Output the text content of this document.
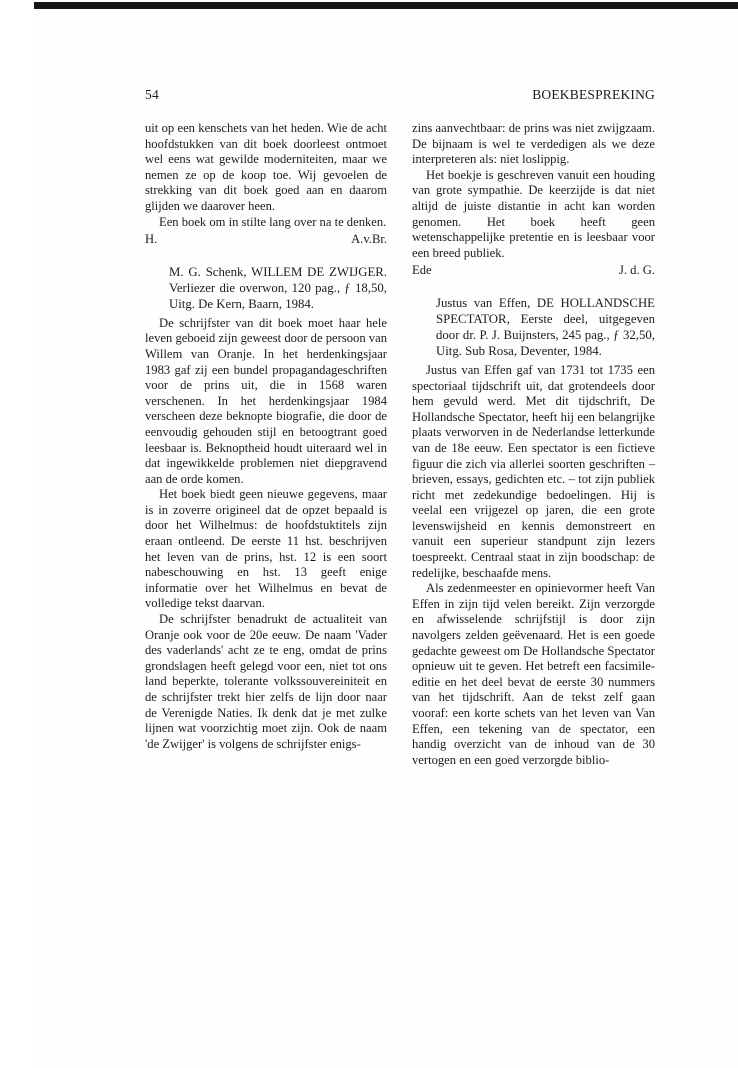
54	BOEKBESPREKING

uit op een kenschets van het heden. Wie de acht hoofdstukken van dit boek doorleest ontmoet wel eens wat gewilde moderniteiten, maar we nemen ze op de koop toe. Wij gevoelen de strekking van dit boek goed aan en daarom glijden we daarover heen.

Een boek om in stilte lang over na te denken.

H.	A.v.Br.

M. G. Schenk, WILLEM DE ZWIJGER. Verliezer die overwon, 120 pag., ƒ 18,50, Uitg. De Kern, Baarn, 1984.

De schrijfster van dit boek moet haar hele leven geboeid zijn geweest door de persoon van Willem van Oranje. In het herdenkingsjaar 1983 gaf zij een bundel propagandageschriften voor de prins uit, die in 1568 waren verschenen. In het herdenkingsjaar 1984 verscheen deze beknopte biografie, die door de eenvoudig gehouden stijl en betoogtrant goed leesbaar is. Beknoptheid houdt uiteraard wel in dat ingewikkelde problemen niet diepgravend aan de orde komen.

Het boek biedt geen nieuwe gegevens, maar is in zoverre origineel dat de opzet bepaald is door het Wilhelmus: de hoofdstuktitels zijn eraan ontleend. De eerste 11 hst. beschrijven het leven van de prins, hst. 12 is een soort nabeschouwing en hst. 13 geeft enige informatie over het Wilhelmus en bevat de volledige tekst daarvan.

De schrijfster benadrukt de actualiteit van Oranje ook voor de 20e eeuw. De naam 'Vader des vaderlands' acht ze te eng, omdat de prins grondslagen heeft gelegd voor een, niet tot ons land beperkte, tolerante volkssouvereiniteit en de schrijfster trekt hier zelfs de lijn door naar de Verenigde Naties. Ik denk dat je met zulke lijnen wat voorzichtig moet zijn. Ook de naam 'de Zwijger' is volgens de schrijfster enigs-

zins aanvechtbaar: de prins was niet zwijgzaam. De bijnaam is wel te verdedigen als we deze interpreteren als: niet loslippig.

Het boekje is geschreven vanuit een houding van grote sympathie. De keerzijde is dat niet altijd de juiste distantie in acht kan worden genomen. Het boek heeft geen wetenschappelijke pretentie en is leesbaar voor een breed publiek.

Ede	J. d. G.

Justus van Effen, DE HOLLANDSCHE SPECTATOR, Eerste deel, uitgegeven door dr. P. J. Buijnsters, 245 pag., ƒ 32,50, Uitg. Sub Rosa, Deventer, 1984.

Justus van Effen gaf van 1731 tot 1735 een spectoriaal tijdschrift uit, dat grotendeels door hem gevuld werd. Met dit tijdschrift, De Hollandsche Spectator, heeft hij een belangrijke plaats verworven in de Nederlandse letterkunde van de 18e eeuw. Een spectator is een fictieve figuur die zich via allerlei soorten geschriften – brieven, essays, gedichten etc. – tot zijn publiek richt met zedekundige bedoelingen. Hij is veelal een vrijgezel op jaren, die een grote levenswijsheid en kennis demonstreert en vanuit een superieur standpunt zijn lezers toespreekt. Centraal staat in zijn boodschap: de redelijke, beschaafde mens.

Als zedenmeester en opinievormer heeft Van Effen in zijn tijd velen bereikt. Zijn verzorgde en afwisselende schrijfstijl is door zijn navolgers zelden geëvenaard. Het is een goede gedachte geweest om De Hollandsche Spectator opnieuw uit te geven. Het betreft een facsimile-editie en het deel bevat de eerste 30 nummers van het tijdschrift. Aan de tekst zelf gaan vooraf: een korte schets van het leven van Van Effen, een tekening van de spectator, een handig overzicht van de inhoud van de 30 vertogen en een goed verzorgde biblio-
